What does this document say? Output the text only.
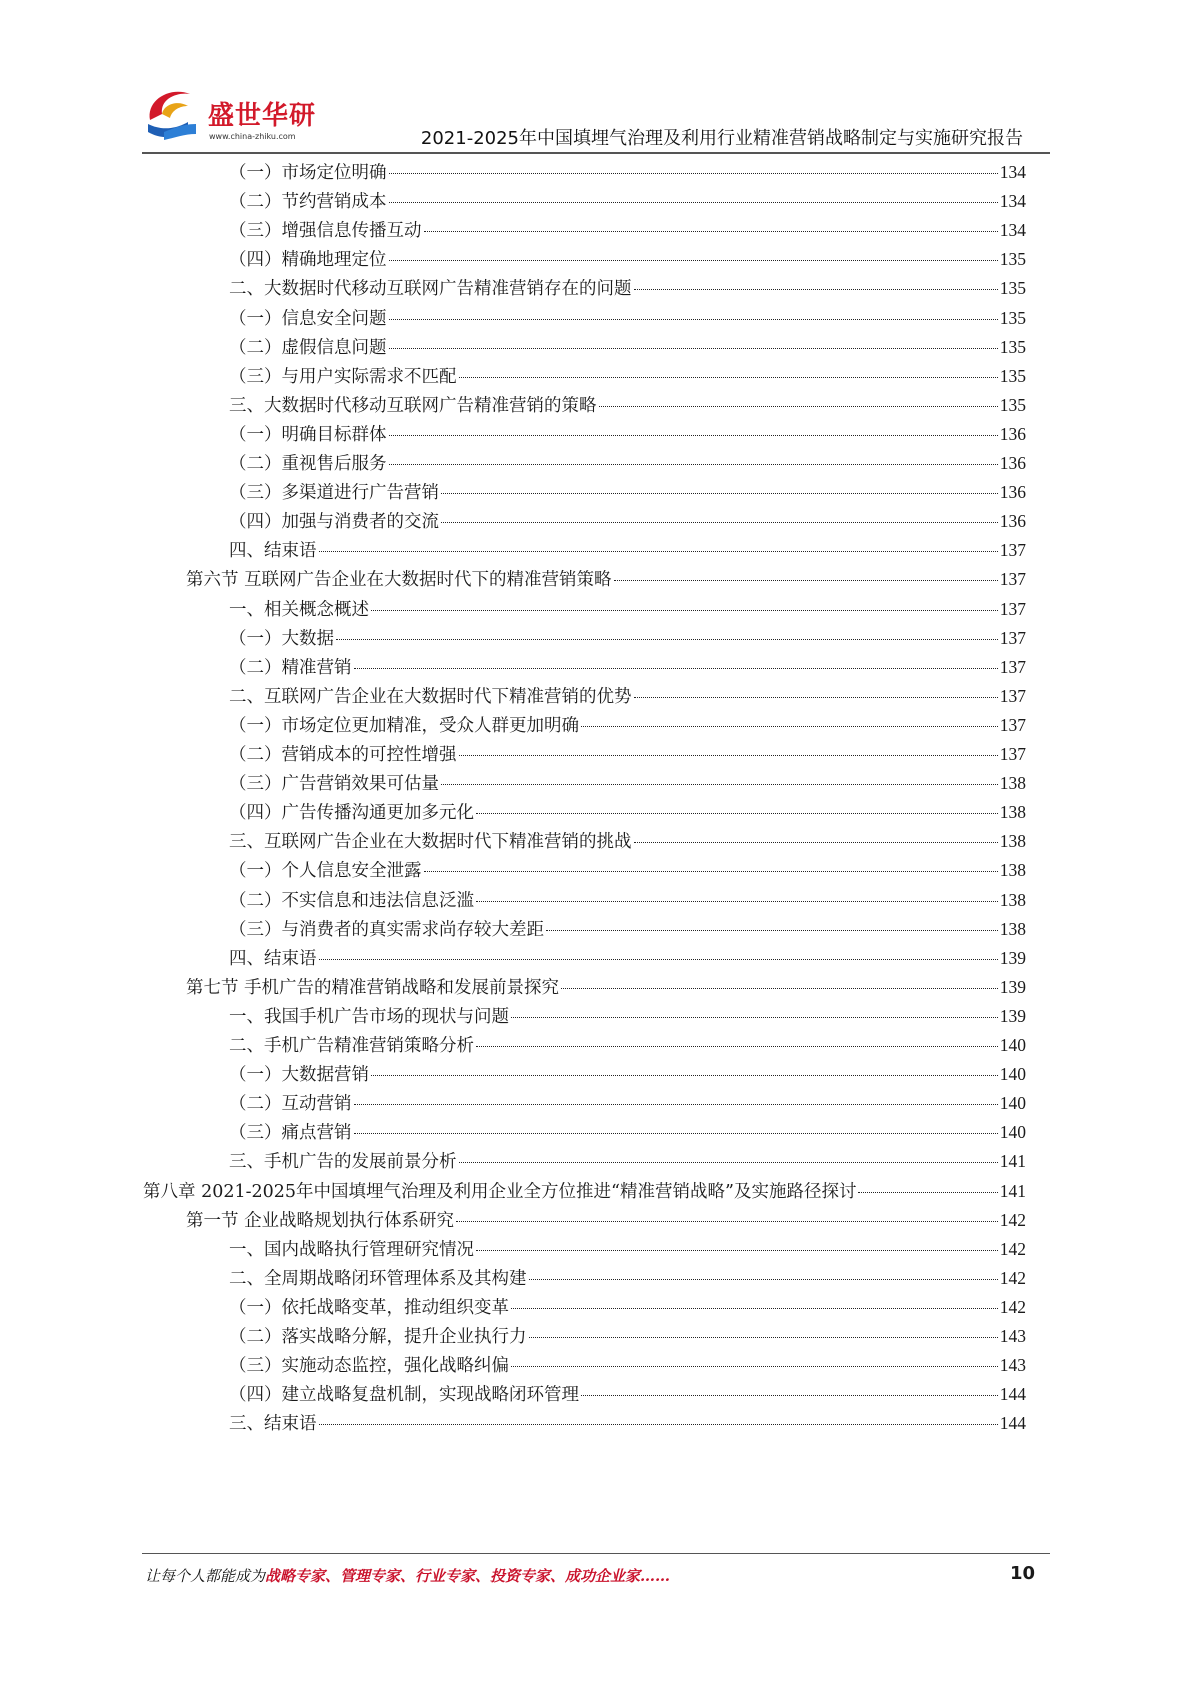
盛世华研
www.china-zhiku.com	2021-2025年中国填埋气治理及利用行业精准营销战略制定与实施研究报告
（一）市场定位明确	134
（二）节约营销成本	134
（三）增强信息传播互动	134
（四）精确地理定位	135
二、大数据时代移动互联网广告精准营销存在的问题	135
（一）信息安全问题	135
（二）虚假信息问题	135
（三）与用户实际需求不匹配	135
三、大数据时代移动互联网广告精准营销的策略	135
（一）明确目标群体	136
（二）重视售后服务	136
（三）多渠道进行广告营销	136
（四）加强与消费者的交流	136
四、结束语	137
第六节 互联网广告企业在大数据时代下的精准营销策略	137
一、相关概念概述	137
（一）大数据	137
（二）精准营销	137
二、互联网广告企业在大数据时代下精准营销的优势	137
（一）市场定位更加精准，受众人群更加明确	137
（二）营销成本的可控性增强	137
（三）广告营销效果可估量	138
（四）广告传播沟通更加多元化	138
三、互联网广告企业在大数据时代下精准营销的挑战	138
（一）个人信息安全泄露	138
（二）不实信息和违法信息泛滥	138
（三）与消费者的真实需求尚存较大差距	138
四、结束语	139
第七节 手机广告的精准营销战略和发展前景探究	139
一、我国手机广告市场的现状与问题	139
二、手机广告精准营销策略分析	140
（一）大数据营销	140
（二）互动营销	140
（三）痛点营销	140
三、手机广告的发展前景分析	141
第八章 2021-2025年中国填埋气治理及利用企业全方位推进“精准营销战略”及实施路径探讨	141
第一节 企业战略规划执行体系研究	142
一、国内战略执行管理研究情况	142
二、全周期战略闭环管理体系及其构建	142
（一）依托战略变革，推动组织变革	142
（二）落实战略分解，提升企业执行力	143
（三）实施动态监控，强化战略纠偏	143
（四）建立战略复盘机制，实现战略闭环管理	144
三、结束语	144
让每个人都能成为战略专家、管理专家、行业专家、投资专家、成功企业家……	10
